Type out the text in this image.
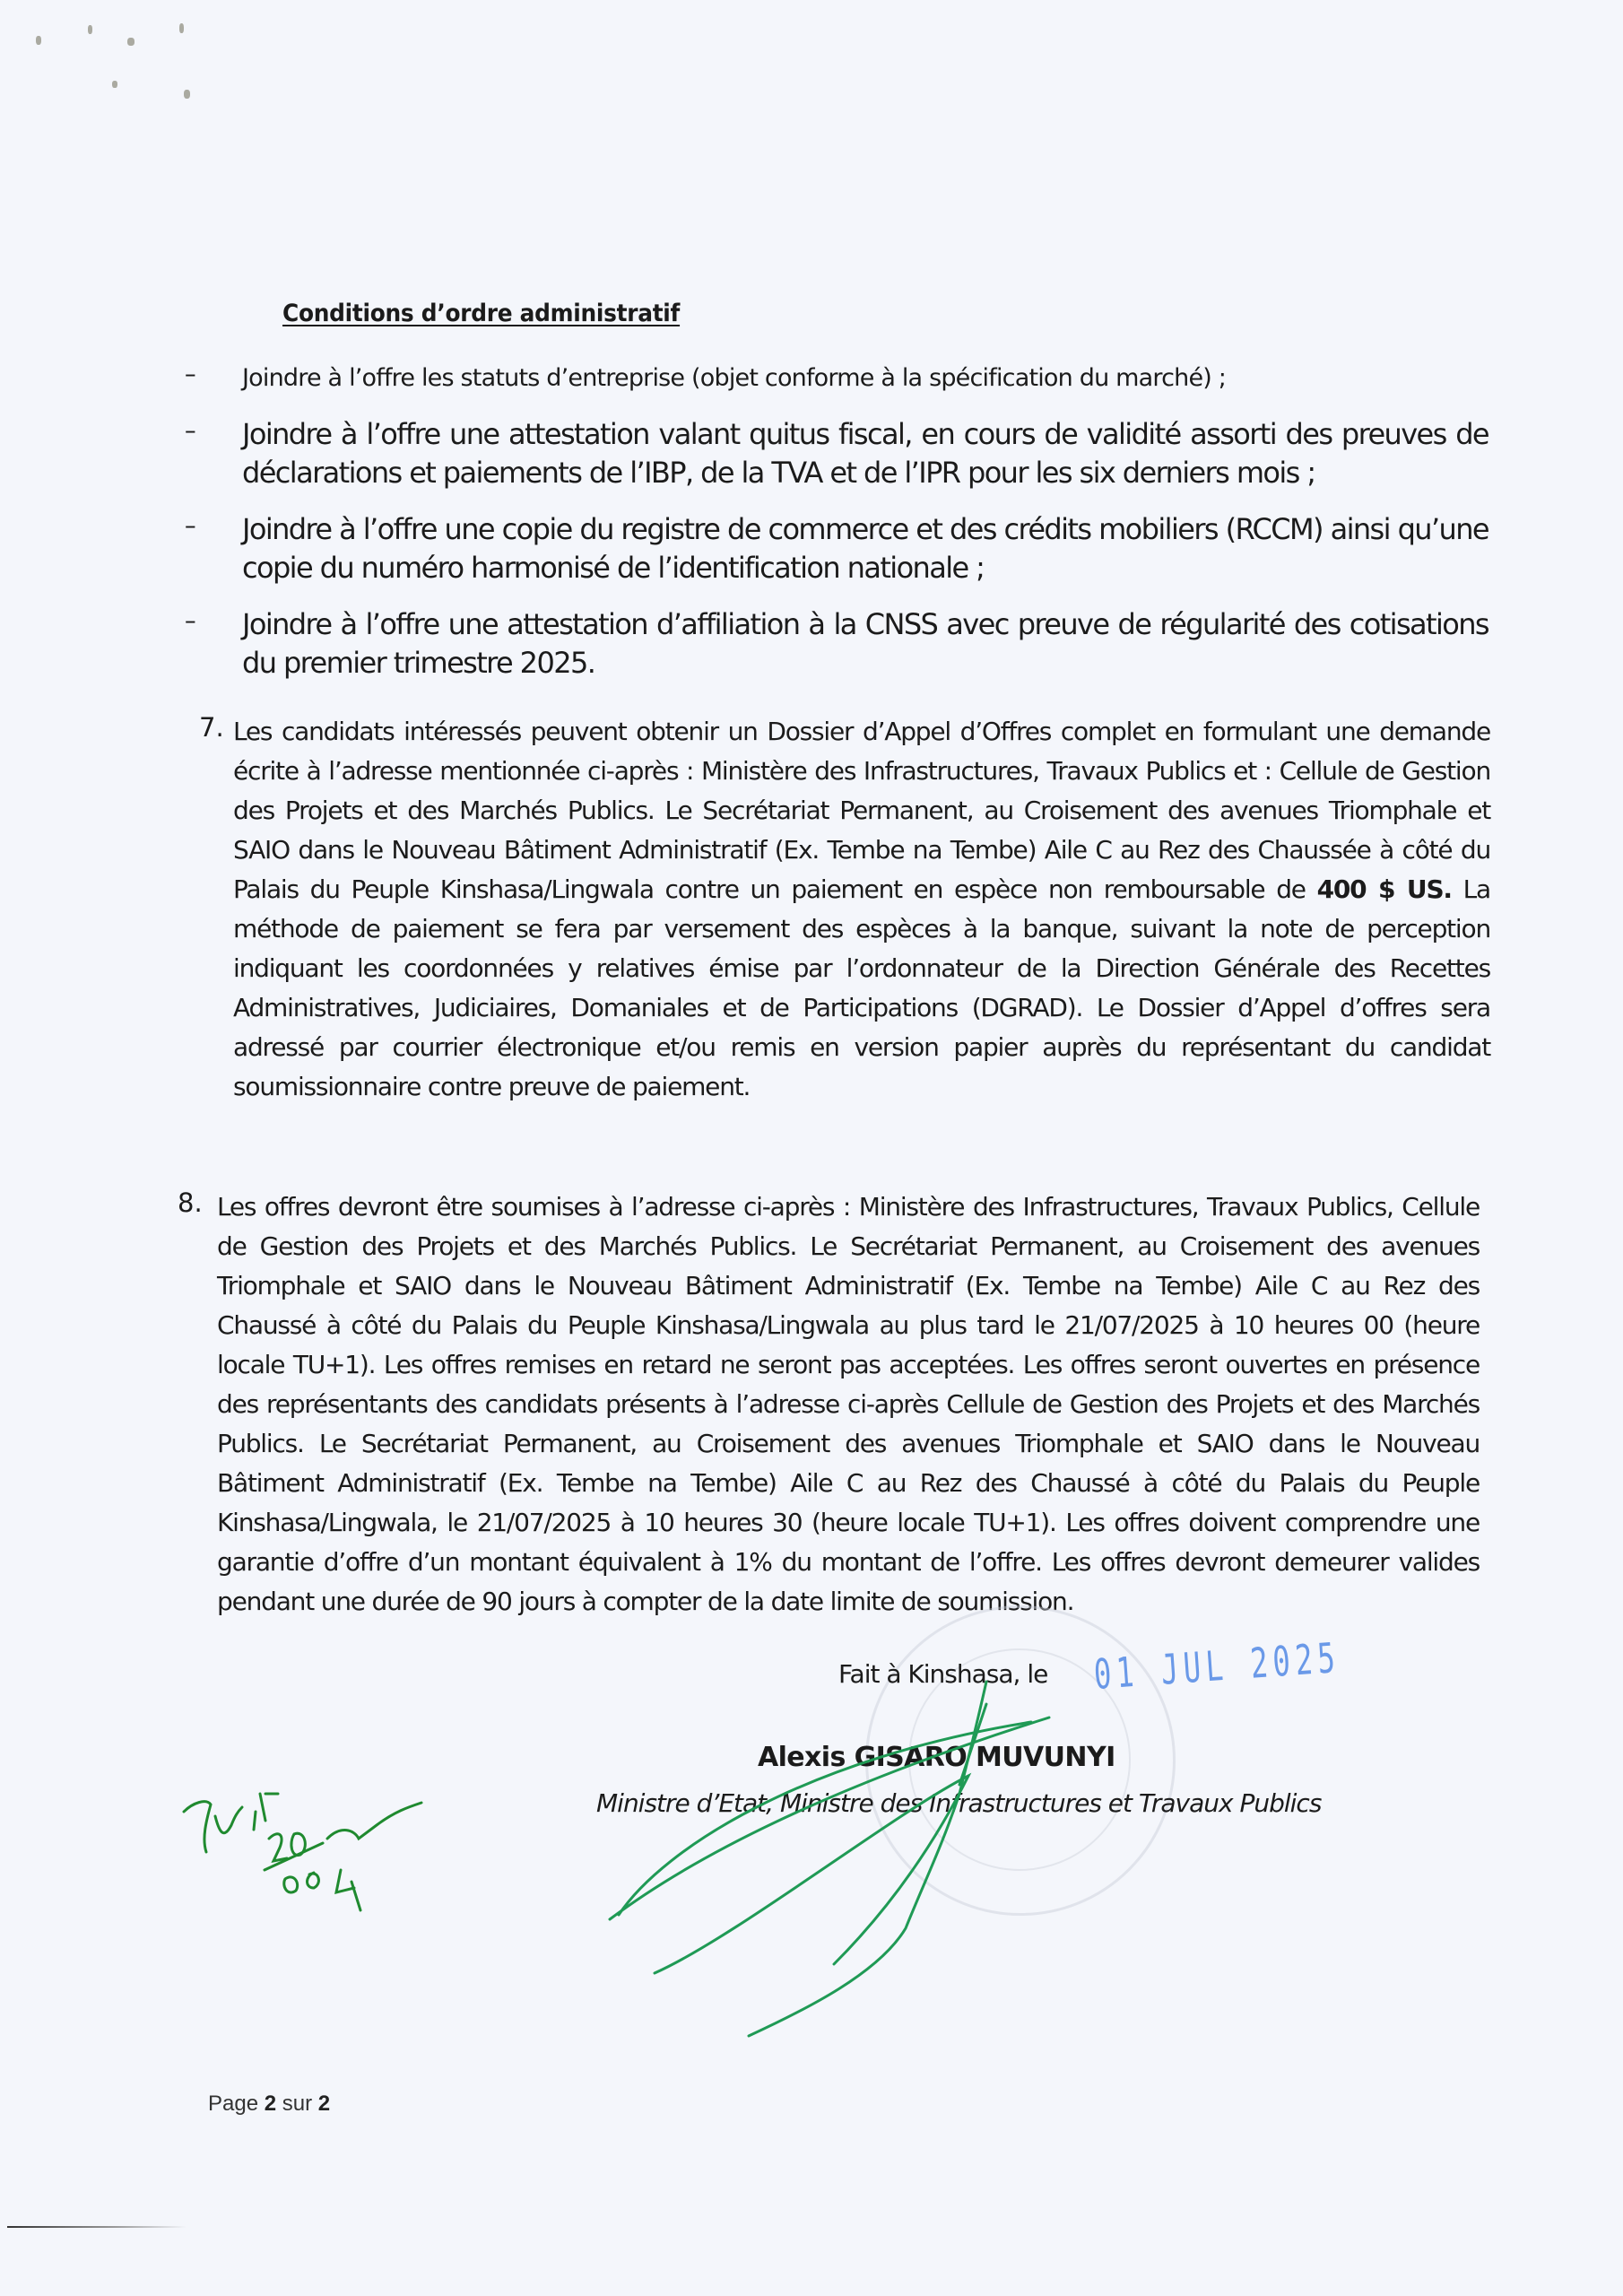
Conditions d’ordre administratif
–	Joindre à l’offre les statuts d’entreprise (objet conforme à la spécification du marché) ;
–	Joindre à l’offre une attestation valant quitus fiscal, en cours de validité assorti des preuves de déclarations et paiements de l’IBP, de la TVA et de l’IPR pour les six derniers mois ;
–	Joindre à l’offre une copie du registre de commerce et des crédits mobiliers (RCCM) ainsi qu’une copie du numéro harmonisé de l’identification nationale ;
–	Joindre à l’offre une attestation d’affiliation à la CNSS avec preuve de régularité des cotisations du premier trimestre 2025.
7. Les candidats intéressés peuvent obtenir un Dossier d’Appel d’Offres complet en formulant une demande écrite à l’adresse mentionnée ci-après : Ministère des Infrastructures, Travaux Publics et : Cellule de Gestion des Projets et des Marchés Publics. Le Secrétariat Permanent, au Croisement des avenues Triomphale et SAIO dans le Nouveau Bâtiment Administratif (Ex. Tembe na Tembe) Aile C au Rez des Chaussée à côté du Palais du Peuple Kinshasa/Lingwala contre un paiement en espèce non remboursable de 400 $ US. La méthode de paiement se fera par versement des espèces à la banque, suivant la note de perception indiquant les coordonnées y relatives émise par l’ordonnateur de la Direction Générale des Recettes Administratives, Judiciaires, Domaniales et de Participations (DGRAD). Le Dossier d’Appel d’offres sera adressé par courrier électronique et/ou remis en version papier auprès du représentant du candidat soumissionnaire contre preuve de paiement.
8. Les offres devront être soumises à l’adresse ci-après : Ministère des Infrastructures, Travaux Publics, Cellule de Gestion des Projets et des Marchés Publics. Le Secrétariat Permanent, au Croisement des avenues Triomphale et SAIO dans le Nouveau Bâtiment Administratif (Ex. Tembe na Tembe) Aile C au Rez des Chaussé à côté du Palais du Peuple Kinshasa/Lingwala au plus tard le 21/07/2025 à 10 heures 00 (heure locale TU+1). Les offres remises en retard ne seront pas acceptées. Les offres seront ouvertes en présence des représentants des candidats présents à l’adresse ci-après Cellule de Gestion des Projets et des Marchés Publics. Le Secrétariat Permanent, au Croisement des avenues Triomphale et SAIO dans le Nouveau Bâtiment Administratif (Ex. Tembe na Tembe) Aile C au Rez des Chaussé à côté du Palais du Peuple Kinshasa/Lingwala, le 21/07/2025 à 10 heures 30 (heure locale TU+1). Les offres doivent comprendre une garantie d’offre d’un montant équivalent à 1% du montant de l’offre. Les offres devront demeurer valides pendant une durée de 90 jours à compter de la date limite de soumission.
Fait à Kinshasa, le 01 JUL 2025
Alexis GISARO MUVUNYI
Ministre d’Etat, Ministre des Infrastructures et Travaux Publics
Page 2 sur 2
